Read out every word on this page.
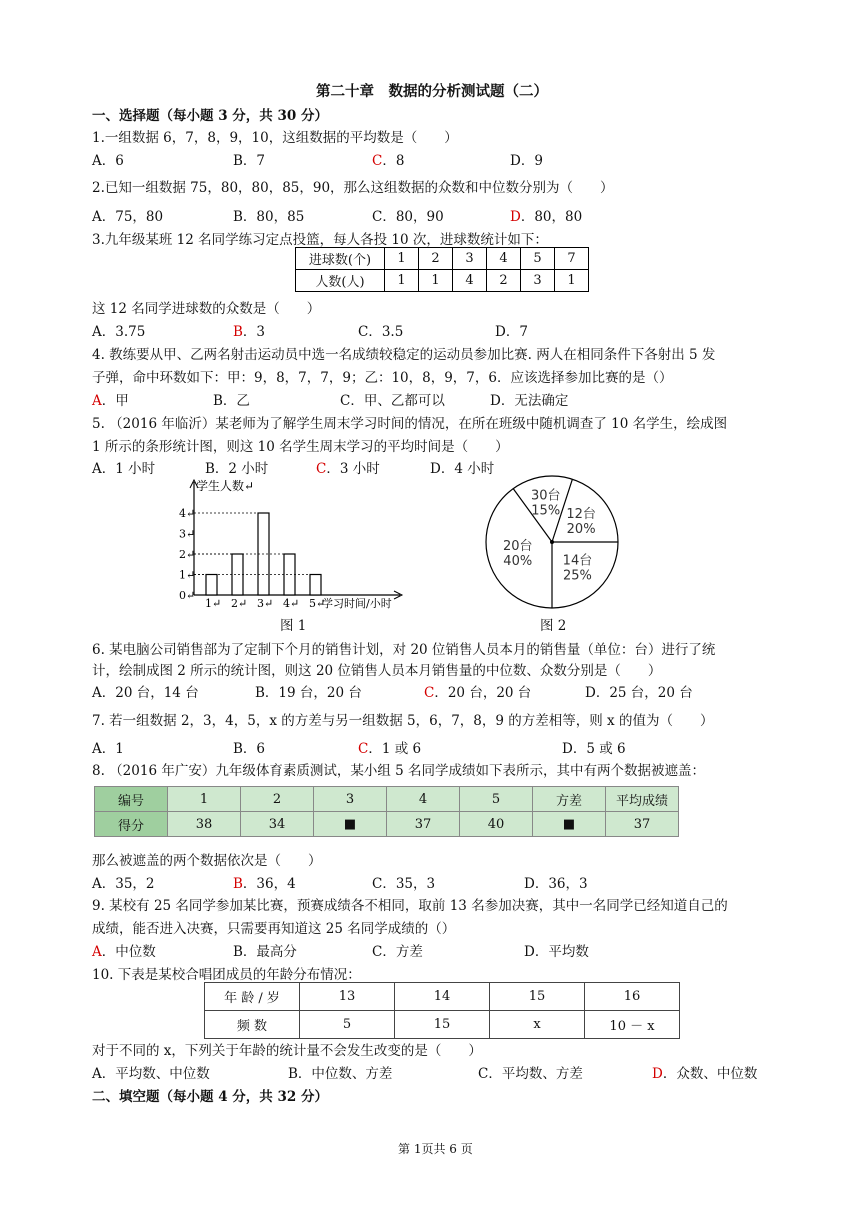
第二十章　数据的分析测试题（二）
一、选择题（每小题 3 分，共 30 分）
1.一组数据 6，7，8，9，10，这组数据的平均数是（　　）
A．6	B．7	C．8	D．9
2.已知一组数据 75，80，80，85，90，那么这组数据的众数和中位数分别为（　　）
A．75，80	B．80，85	C．80，90	D．80，80
3.九年级某班 12 名同学练习定点投篮，每人各投 10 次，进球数统计如下：
进球数(个)	1	2	3	4	5	7
人数(人)	1	1	4	2	3	1
这 12 名同学进球数的众数是（　　）
A．3.75	B．3	C．3.5	D．7
4. 教练要从甲、乙两名射击运动员中选一名成绩较稳定的运动员参加比赛. 两人在相同条件下各射出 5 发
子弹，命中环数如下：甲：9，8，7，7，9；乙：10，8，9，7，6．应该选择参加比赛的是（）
A．甲	B．乙	C．甲、乙都可以	D．无法确定
5. （2016 年临沂）某老师为了解学生周末学习时间的情况，在所在班级中随机调查了 10 名学生，绘成图
1 所示的条形统计图，则这 10 名学生周末学习的平均时间是（　　）
A．1 小时	B．2 小时	C．3 小时	D．4 小时
学生人数↵
0↵
1↵
2↵
3↵
4↵
1↵ 2↵ 3↵ 4↵ 5↵
学习时间/小时
图 1
30台
15% 12台
20%
14台
25%
20台
40%
图 2
6. 某电脑公司销售部为了定制下个月的销售计划，对 20 位销售人员本月的销售量（单位：台）进行了统
计，绘制成图 2 所示的统计图，则这 20 位销售人员本月销售量的中位数、众数分别是（　　）
A．20 台，14 台	B．19 台，20 台	C．20 台，20 台	D．25 台，20 台
7. 若一组数据 2，3，4，5，x 的方差与另一组数据 5，6，7，8，9 的方差相等，则 x 的值为（　　）
A．1	B．6	C．1 或 6	D．5 或 6
8. （2016 年广安）九年级体育素质测试，某小组 5 名同学成绩如下表所示，其中有两个数据被遮盖：
编号	1	2	3	4	5	方差	平均成绩
得分	38	34	■	37	40	■	37
那么被遮盖的两个数据依次是（　　）
A．35，2	B．36，4	C．35，3	D．36，3
9. 某校有 25 名同学参加某比赛，预赛成绩各不相同，取前 13 名参加决赛，其中一名同学已经知道自己的
成绩，能否进入决赛，只需要再知道这 25 名同学成绩的（）
A．中位数	B．最高分	C．方差	D．平均数
10. 下表是某校合唱团成员的年龄分布情况：
年 龄 / 岁	13	14	15	16
频 数	5	15	x	10 － x
对于不同的 x，下列关于年龄的统计量不会发生改变的是（　　）
A．平均数、中位数	B．中位数、方差	C．平均数、方差	D．众数、中位数
二、填空题（每小题 4 分，共 32 分）
第 1页共 6 页
